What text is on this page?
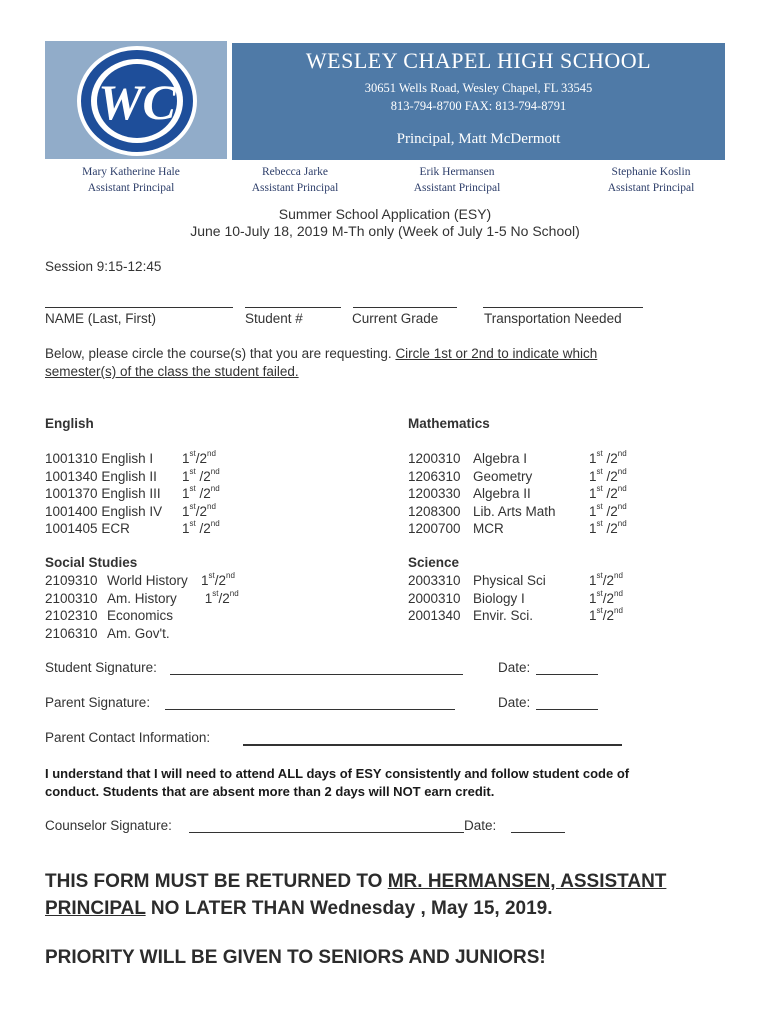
WC
WESLEY CHAPEL HIGH SCHOOL
30651 Wells Road, Wesley Chapel, FL 33545
813-794-8700 FAX: 813-794-8791
Principal, Matt McDermott
Mary Katherine Hale
Assistant Principal
Rebecca Jarke
Assistant Principal
Erik Hermansen
Assistant Principal
Stephanie Koslin
Assistant Principal
Summer School Application (ESY)
June 10-July 18, 2019 M-Th only (Week of July 1-5 No School)
Session 9:15-12:45
NAME (Last, First)	Student #	Current Grade	Transportation Needed
Below, please circle the course(s) that you are requesting. Circle 1st or 2nd to indicate which
semester(s) of the class the student failed.
English
1001310 English I	1st/2nd
1001340 English II	1st /2nd
1001370 English III	1st /2nd
1001400 English IV	1st/2nd
1001405 ECR	1st /2nd
Mathematics
1200310	Algebra I	1st /2nd
1206310	Geometry	1st /2nd
1200330	Algebra II	1st /2nd
1208300	Lib. Arts Math	1st /2nd
1200700	MCR	1st /2nd
Social Studies
2109310	World History	1st/2nd
2100310	Am. History	1st/2nd
2102310	Economics	
2106310	Am. Gov't.	
Science
2003310	Physical Sci	1st/2nd
2000310	Biology I	1st/2nd
2001340	Envir. Sci.	1st/2nd
Student Signature:	Date:
Parent Signature:	Date:
Parent Contact Information:
I understand that I will need to attend ALL days of ESY consistently and follow student code of
conduct. Students that are absent more than 2 days will NOT earn credit.
Counselor Signature:	Date:
THIS FORM MUST BE RETURNED TO MR. HERMANSEN, ASSISTANT
PRINCIPAL NO LATER THAN Wednesday , May 15, 2019.
PRIORITY WILL BE GIVEN TO SENIORS AND JUNIORS!
